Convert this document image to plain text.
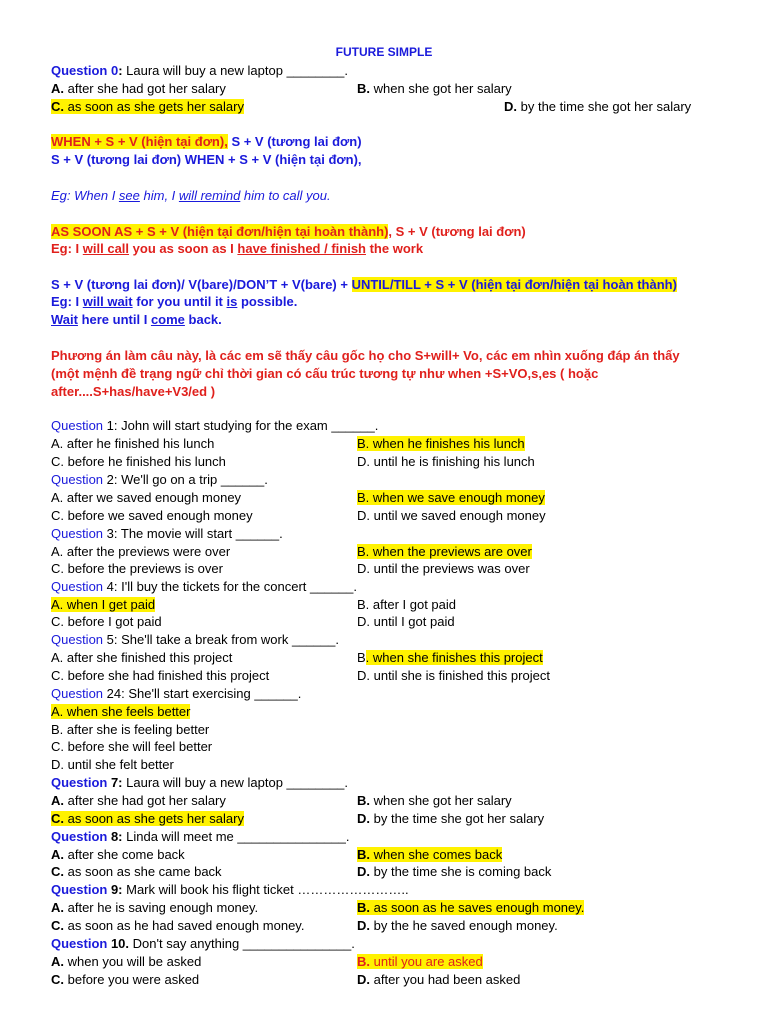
FUTURE SIMPLE
Question 0: Laura will buy a new laptop ________.
A. after she had got her salary	B. when she got her salary
C. as soon as she gets her salary	D. by the time she got her salary
WHEN + S + V (hiện tại đơn), S + V (tương lai đơn)
S + V (tương lai đơn) WHEN + S + V (hiện tại đơn),
Eg: When I see him, I will remind him to call you.
AS SOON AS + S + V (hiện tại đơn/hiện tại hoàn thành), S + V (tương lai đơn)
Eg: I will call you as soon as I have finished / finish the work
S + V (tương lai đơn)/ V(bare)/DON’T + V(bare) + UNTIL/TILL + S + V (hiện tại đơn/hiện tại hoàn thành)
Eg: I will wait for you until it is possible.
Wait here until I come back.
Phương án làm câu này, là các em sẽ thấy câu gốc họ cho S+will+ Vo, các em nhìn xuống đáp án thấy
(một mệnh đề trạng ngữ chỉ thời gian có cấu trúc tương tự như when +S+VO,s,es ( hoặc
after....S+has/have+V3/ed )
Question 1: John will start studying for the exam ______.
A. after he finished his lunch	B. when he finishes his lunch
C. before he finished his lunch	D. until he is finishing his lunch
Question 2: We'll go on a trip ______.
A. after we saved enough money	B. when we save enough money
C. before we saved enough money	D. until we saved enough money
Question 3: The movie will start ______.
A. after the previews were over	B. when the previews are over
C. before the previews is over	D. until the previews was over
Question 4: I'll buy the tickets for the concert ______.
A. when I get paid	B. after I got paid
C. before I got paid	D. until I got paid
Question 5: She'll take a break from work ______.
A. after she finished this project	B. when she finishes this project
C. before she had finished this project	D. until she is finished this project
Question 24: She'll start exercising ______.
A. when she feels better
B. after she is feeling better
C. before she will feel better
D. until she felt better
Question 7: Laura will buy a new laptop ________.
A. after she had got her salary	B. when she got her salary
C. as soon as she gets her salary	D. by the time she got her salary
Question 8: Linda will meet me _______________.
A. after she come back	B. when she comes back
C. as soon as she came back	D. by the time she is coming back
Question 9: Mark will book his flight ticket ……………………..
A. after he is saving enough money.	B. as soon as he saves enough money.
C. as soon as he had saved enough money.	D. by the he saved enough money.
Question 10. Don't say anything _______________.
A. when you will be asked	B. until you are asked
C. before you were asked	D. after you had been asked
